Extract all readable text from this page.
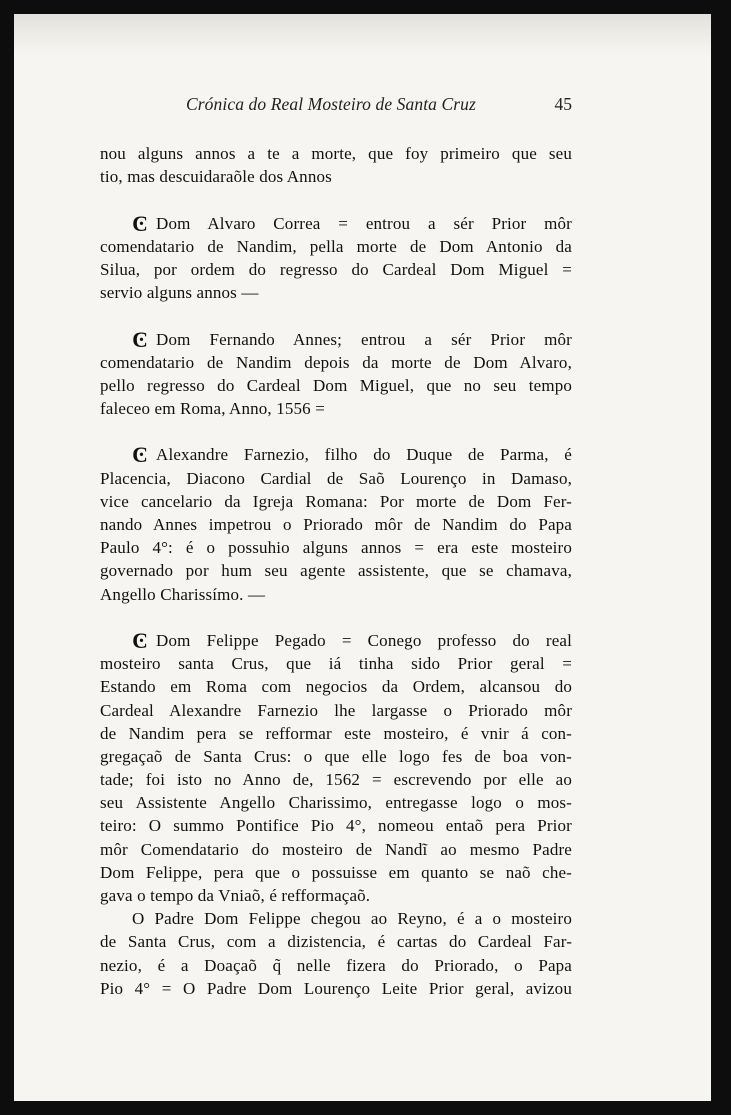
Crónica do Real Mosteiro de Santa Cruz	45
nou alguns annos a te a morte, que foy primeiro que seu
tio, mas descuidaraõle dos Annos
Ͼ Dom Alvaro Correa = entrou a sér Prior môr
comendatario de Nandim, pella morte de Dom Antonio da
Silua, por ordem do regresso do Cardeal Dom Miguel =
servio alguns annos —
Ͼ Dom Fernando Annes; entrou a sér Prior môr
comendatario de Nandim depois da morte de Dom Alvaro,
pello regresso do Cardeal Dom Miguel, que no seu tempo
faleceo em Roma, Anno, 1556 =
Ͼ Alexandre Farnezio, filho do Duque de Parma, é
Placencia, Diacono Cardial de Saõ Lourenço in Damaso,
vice cancelario da Igreja Romana: Por morte de Dom Fer-
nando Annes impetrou o Priorado môr de Nandim do Papa
Paulo 4°: é o possuhio alguns annos = era este mosteiro
governado por hum seu agente assistente, que se chamava,
Angello Charissímo. —
Ͼ Dom Felippe Pegado = Conego professo do real
mosteiro santa Crus, que iá tinha sido Prior geral =
Estando em Roma com negocios da Ordem, alcansou do
Cardeal Alexandre Farnezio lhe largasse o Priorado môr
de Nandim pera se refformar este mosteiro, é vnir á con-
gregaçaõ de Santa Crus: o que elle logo fes de boa von-
tade; foi isto no Anno de, 1562 = escrevendo por elle ao
seu Assistente Angello Charissimo, entregasse logo o mos-
teiro: O summo Pontifice Pio 4°, nomeou entaõ pera Prior
môr Comendatario do mosteiro de Nandĩ ao mesmo Padre
Dom Felippe, pera que o possuisse em quanto se naõ che-
gava o tempo da Vniaõ, é refformaçaõ.
O Padre Dom Felippe chegou ao Reyno, é a o mosteiro
de Santa Crus, com a dizistencia, é cartas do Cardeal Far-
nezio, é a Doaçaõ q̃ nelle fizera do Priorado, o Papa
Pio 4° = O Padre Dom Lourenço Leite Prior geral, avizou
